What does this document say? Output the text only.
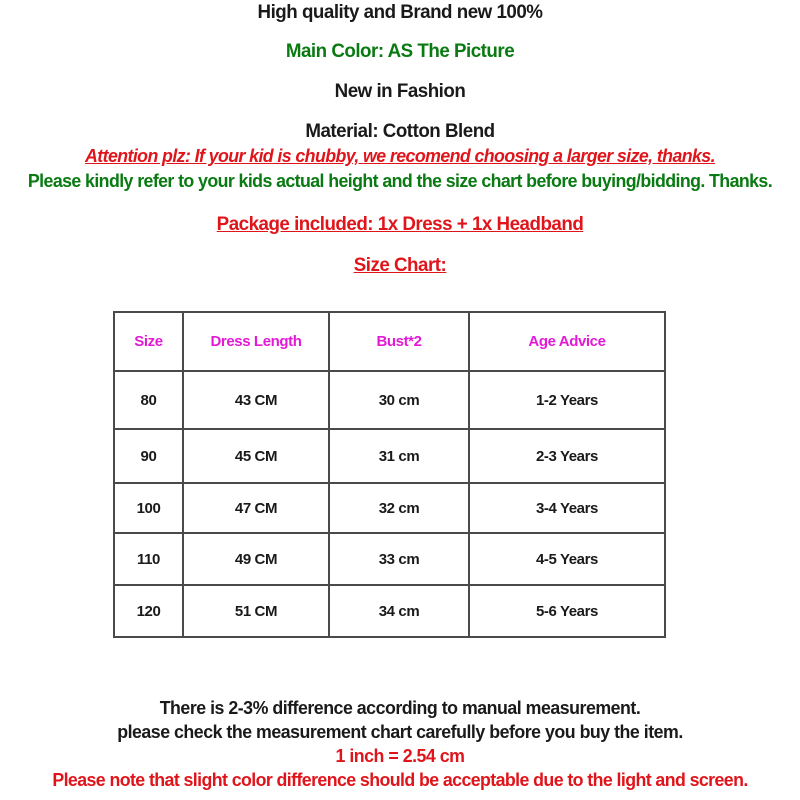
High quality and Brand new 100%
Main Color: AS The Picture
New in Fashion
Material: Cotton Blend
Attention plz: If your kid is chubby, we recomend choosing a larger size, thanks.
Please kindly refer to your kids actual height and the size chart before buying/bidding. Thanks.
Package included: 1x Dress + 1x Headband
Size Chart:
Size	Dress Length	Bust*2	Age Advice
80	43 CM	30 cm	1-2 Years
90	45 CM	31 cm	2-3 Years
100	47 CM	32 cm	3-4 Years
110	49 CM	33 cm	4-5 Years
120	51 CM	34 cm	5-6 Years
There is 2-3% difference according to manual measurement.
please check the measurement chart carefully before you buy the item.
1 inch = 2.54 cm
Please note that slight color difference should be acceptable due to the light and screen.
